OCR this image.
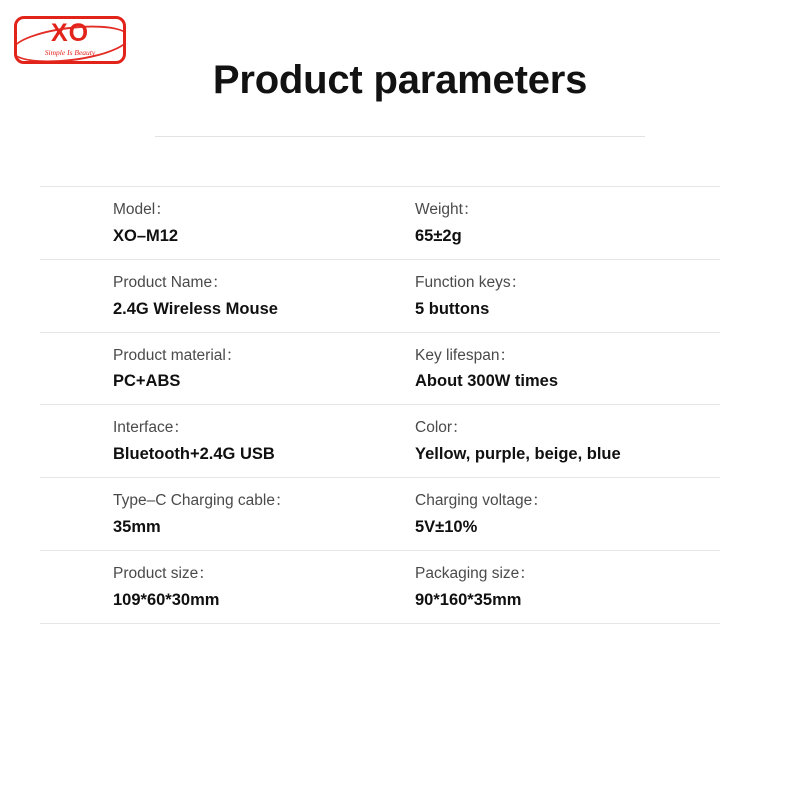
XO
Simple Is Beauty
Product parameters
Model：
XO–M12
Weight：
65±2g
Product Name：
2.4G Wireless Mouse
Function keys：
5 buttons
Product material：
PC+ABS
Key lifespan：
About 300W times
Interface：
Bluetooth+2.4G USB
Color：
Yellow, purple, beige, blue
Type–C Charging cable：
35mm
Charging voltage：
5V±10%
Product size：
109*60*30mm
Packaging size：
90*160*35mm
